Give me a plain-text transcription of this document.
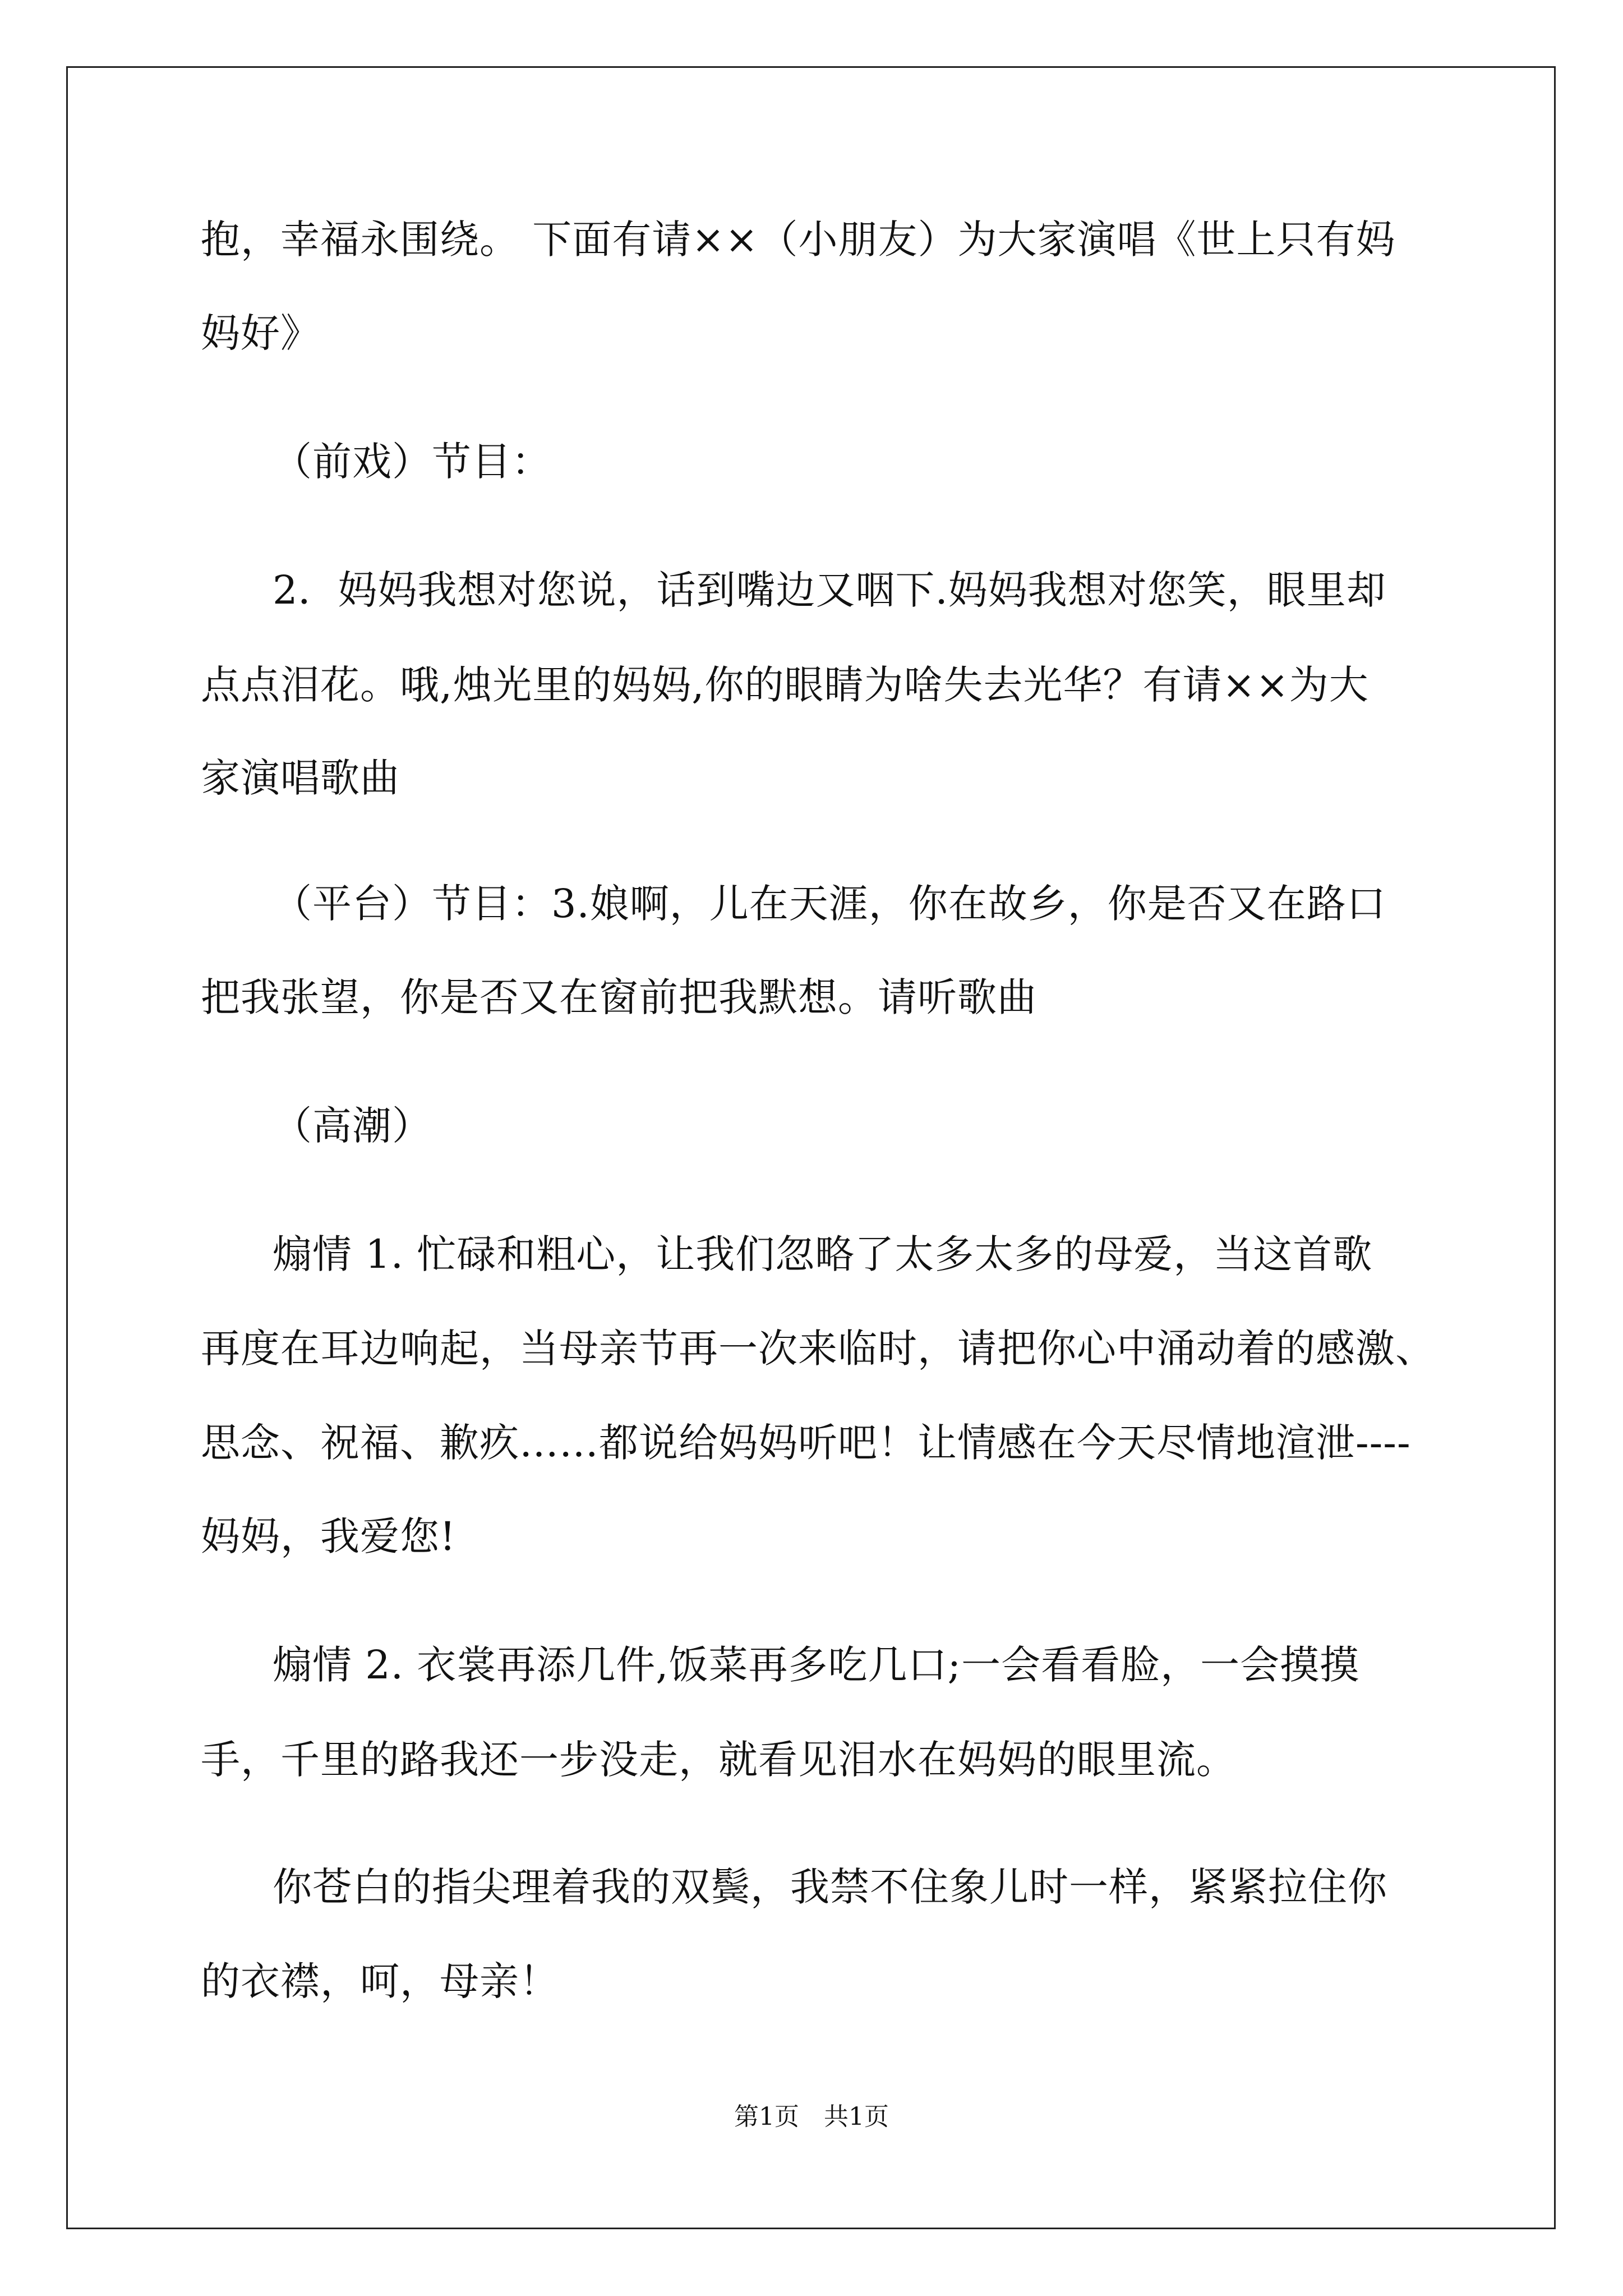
抱，幸福永围绕。 下面有请××（小朋友）为大家演唱《世上只有妈
妈好》
（前戏）节目：
2．妈妈我想对您说，话到嘴边又咽下.妈妈我想对您笑，眼里却
点点泪花。哦,烛光里的妈妈,你的眼睛为啥失去光华？有请××为大
家演唱歌曲
（平台）节目：3.娘啊，儿在天涯，你在故乡，你是否又在路口
把我张望，你是否又在窗前把我默想。请听歌曲
（高潮）
煽情 1. 忙碌和粗心，让我们忽略了太多太多的母爱，当这首歌
再度在耳边响起，当母亲节再一次来临时，请把你心中涌动着的感激、
思念、祝福、歉疚……都说给妈妈听吧！让情感在今天尽情地渲泄----
妈妈，我爱您!
煽情 2. 衣裳再添几件,饭菜再多吃几口;一会看看脸，一会摸摸
手，千里的路我还一步没走，就看见泪水在妈妈的眼里流。
你苍白的指尖理着我的双鬓，我禁不住象儿时一样，紧紧拉住你
的衣襟，呵，母亲！
第1页　共1页
